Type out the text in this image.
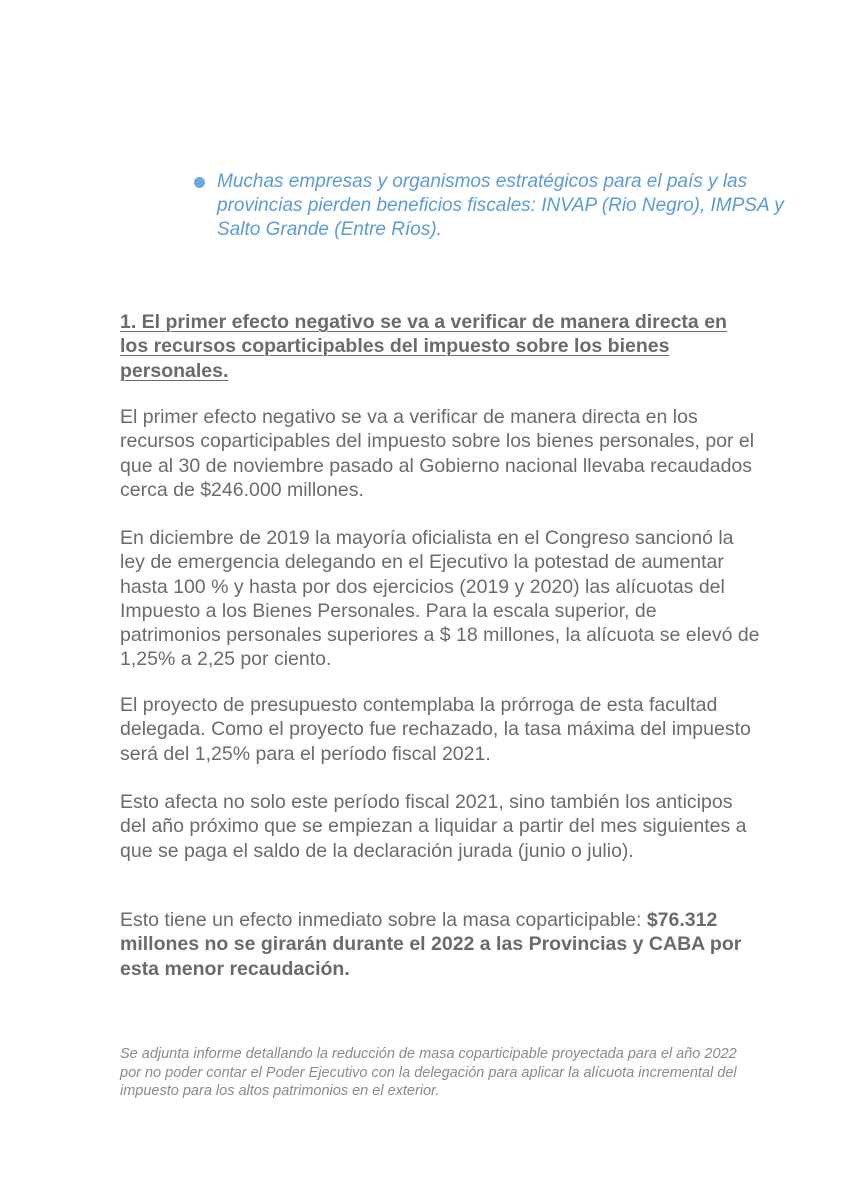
Muchas empresas y organismos estratégicos para el país y las provincias pierden beneficios fiscales: INVAP (Rio Negro), IMPSA y Salto Grande (Entre Ríos).
1. El primer efecto negativo se va a verificar de manera directa en los recursos coparticipables del impuesto sobre los bienes personales.
El primer efecto negativo se va a verificar de manera directa en los recursos coparticipables del impuesto sobre los bienes personales, por el que al 30 de noviembre pasado al Gobierno nacional llevaba recaudados cerca de $246.000 millones.
En diciembre de 2019 la mayoría oficialista en el Congreso sancionó la ley de emergencia delegando en el Ejecutivo la potestad de aumentar hasta 100 % y hasta por dos ejercicios (2019 y 2020) las alícuotas del Impuesto a los Bienes Personales. Para la escala superior, de patrimonios personales superiores a $ 18 millones, la alícuota se elevó de 1,25% a 2,25 por ciento.
El proyecto de presupuesto contemplaba la prórroga de esta facultad delegada. Como el proyecto fue rechazado, la tasa máxima del impuesto será del 1,25% para el período fiscal 2021.
Esto afecta no solo este período fiscal 2021, sino también los anticipos del año próximo que se empiezan a liquidar a partir del mes siguientes a que se paga el saldo de la declaración jurada (junio o julio).
Esto tiene un efecto inmediato sobre la masa coparticipable: $76.312 millones no se girarán durante el 2022 a las Provincias y CABA por esta menor recaudación.
Se adjunta informe detallando la reducción de masa coparticipable proyectada para el año 2022 por no poder contar el Poder Ejecutivo con la delegación para aplicar la alícuota incremental del impuesto para los altos patrimonios en el exterior.
